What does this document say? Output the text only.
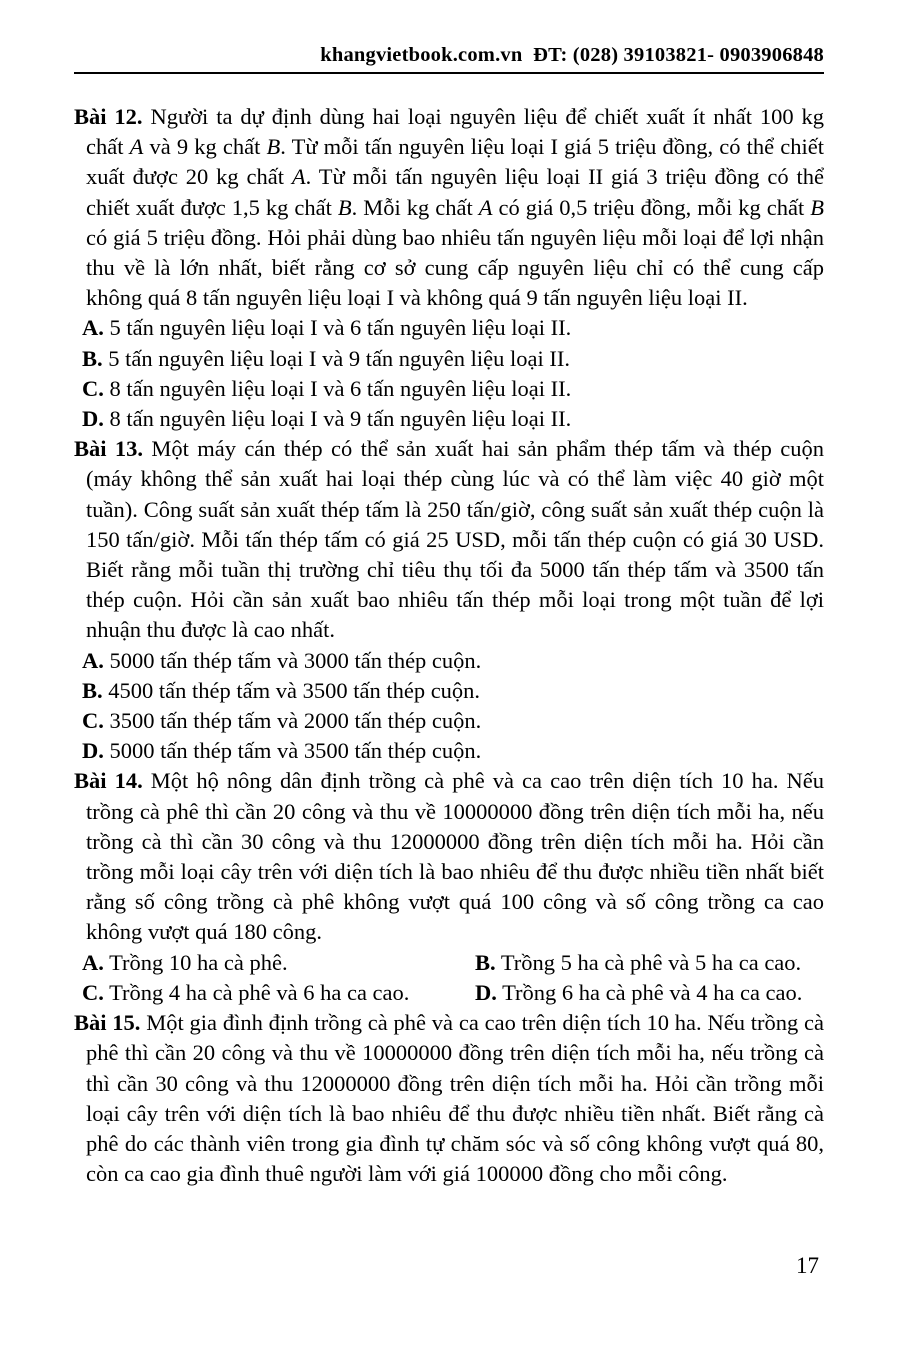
khangvietbook.com.vn  ĐT: (028) 39103821- 0903906848

Bài 12. Người ta dự định dùng hai loại nguyên liệu để chiết xuất ít nhất 100 kg chất A và 9 kg chất B. Từ mỗi tấn nguyên liệu loại I giá 5 triệu đồng, có thể chiết xuất được 20 kg chất A. Từ mỗi tấn nguyên liệu loại II giá 3 triệu đồng có thể chiết xuất được 1,5 kg chất B. Mỗi kg chất A có giá 0,5 triệu đồng, mỗi kg chất B có giá 5 triệu đồng. Hỏi phải dùng bao nhiêu tấn nguyên liệu mỗi loại để lợi nhận thu về là lớn nhất, biết rằng cơ sở cung cấp nguyên liệu chỉ có thể cung cấp không quá 8 tấn nguyên liệu loại I và không quá 9 tấn nguyên liệu loại II.

A. 5 tấn nguyên liệu loại I và 6 tấn nguyên liệu loại II.

B. 5 tấn nguyên liệu loại I và 9 tấn nguyên liệu loại II.

C. 8 tấn nguyên liệu loại I và 6 tấn nguyên liệu loại II.

D. 8 tấn nguyên liệu loại I và 9 tấn nguyên liệu loại II.

Bài 13. Một máy cán thép có thể sản xuất hai sản phẩm thép tấm và thép cuộn (máy không thể sản xuất hai loại thép cùng lúc và có thể làm việc 40 giờ một tuần). Công suất sản xuất thép tấm là 250 tấn/giờ, công suất sản xuất thép cuộn là 150 tấn/giờ. Mỗi tấn thép tấm có giá 25 USD, mỗi tấn thép cuộn có giá 30 USD. Biết rằng mỗi tuần thị trường chỉ tiêu thụ tối đa 5000 tấn thép tấm và 3500 tấn thép cuộn. Hỏi cần sản xuất bao nhiêu tấn thép mỗi loại trong một tuần để lợi nhuận thu được là cao nhất.

A. 5000 tấn thép tấm và 3000 tấn thép cuộn.

B. 4500 tấn thép tấm và 3500 tấn thép cuộn.

C. 3500 tấn thép tấm và 2000 tấn thép cuộn.

D. 5000 tấn thép tấm và 3500 tấn thép cuộn.

Bài 14. Một hộ nông dân định trồng cà phê và ca cao trên diện tích 10 ha. Nếu trồng cà phê thì cần 20 công và thu về 10000000 đồng trên diện tích mỗi ha, nếu trồng cà thì cần 30 công và thu 12000000 đồng trên diện tích mỗi ha. Hỏi cần trồng mỗi loại cây trên với diện tích là bao nhiêu để thu được nhiều tiền nhất biết rằng số công trồng cà phê không vượt quá 100 công và số công trồng ca cao không vượt quá 180 công.

A. Trồng 10 ha cà phê.	B. Trồng 5 ha cà phê và 5 ha ca cao.

C. Trồng 4 ha cà phê và 6 ha ca cao.	D. Trồng 6 ha cà phê và 4 ha ca cao.

Bài 15. Một gia đình định trồng cà phê và ca cao trên diện tích 10 ha. Nếu trồng cà phê thì cần 20 công và thu về 10000000 đồng trên diện tích mỗi ha, nếu trồng cà thì cần 30 công và thu 12000000 đồng trên diện tích mỗi ha. Hỏi cần trồng mỗi loại cây trên với diện tích là bao nhiêu để thu được nhiều tiền nhất. Biết rằng cà phê do các thành viên trong gia đình tự chăm sóc và số công không vượt quá 80, còn ca cao gia đình thuê người làm với giá 100000 đồng cho mỗi công.

17
